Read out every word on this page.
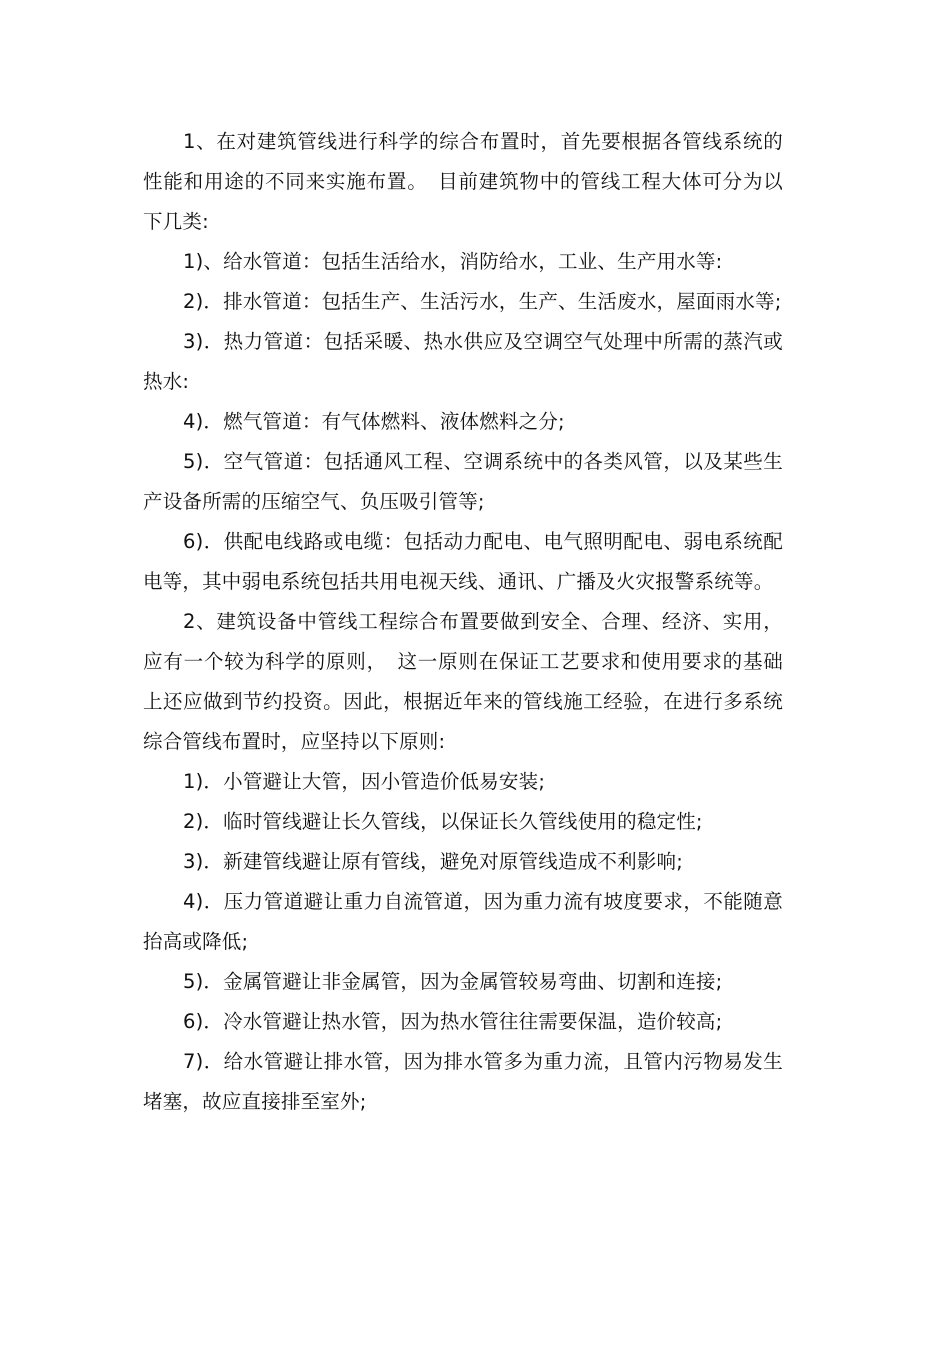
1、在对建筑管线进行科学的综合布置时，首先要根据各管线系统的性能和用途的不同来实施布置。　目前建筑物中的管线工程大体可分为以下几类:

1)、给水管道：包括生活给水，消防给水，工业、生产用水等:

2)．排水管道：包括生产、生活污水，生产、生活废水，屋面雨水等;

3)．热力管道：包括采暖、热水供应及空调空气处理中所需的蒸汽或热水:

4)．燃气管道：有气体燃料、液体燃料之分;

5)．空气管道：包括通风工程、空调系统中的各类风管，以及某些生产设备所需的压缩空气、负压吸引管等;

6)．供配电线路或电缆：包括动力配电、电气照明配电、弱电系统配电等，其中弱电系统包括共用电视天线、通讯、广播及火灾报警系统等。

2、建筑设备中管线工程综合布置要做到安全、合理、经济、实用，应有一个较为科学的原则，　这一原则在保证工艺要求和使用要求的基础上还应做到节约投资。因此，根据近年来的管线施工经验，在进行多系统综合管线布置时，应坚持以下原则:

1)．小管避让大管，因小管造价低易安装;

2)．临时管线避让长久管线，以保证长久管线使用的稳定性;

3)．新建管线避让原有管线，避免对原管线造成不利影响;

4)．压力管道避让重力自流管道，因为重力流有坡度要求，不能随意抬高或降低;

5)．金属管避让非金属管，因为金属管较易弯曲、切割和连接;

6)．冷水管避让热水管，因为热水管往往需要保温，造价较高;

7)．给水管避让排水管，因为排水管多为重力流，且管内污物易发生堵塞，故应直接排至室外;
